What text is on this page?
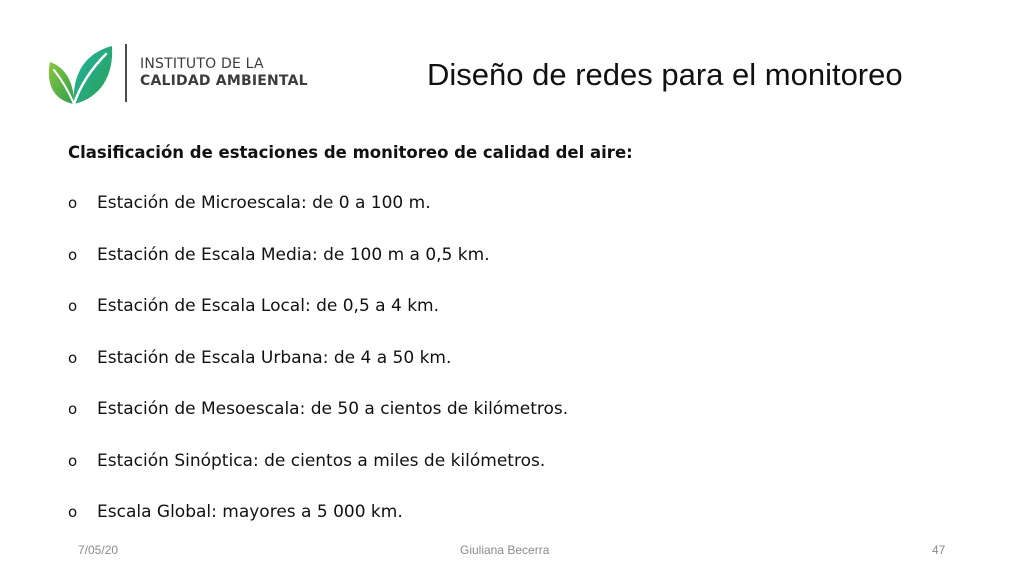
INSTITUTO DE LA
CALIDAD AMBIENTAL	Diseño de redes para el monitoreo
Clasificación de estaciones de monitoreo de calidad del aire:
o	Estación de Microescala: de 0 a 100 m.
o	Estación de Escala Media: de 100 m a 0,5 km.
o	Estación de Escala Local: de 0,5 a 4 km.
o	Estación de Escala Urbana: de 4 a 50 km.
o	Estación de Mesoescala: de 50 a cientos de kilómetros.
o	Estación Sinóptica: de cientos a miles de kilómetros.
o	Escala Global: mayores a 5 000 km.
7/05/20	Giuliana Becerra	47
